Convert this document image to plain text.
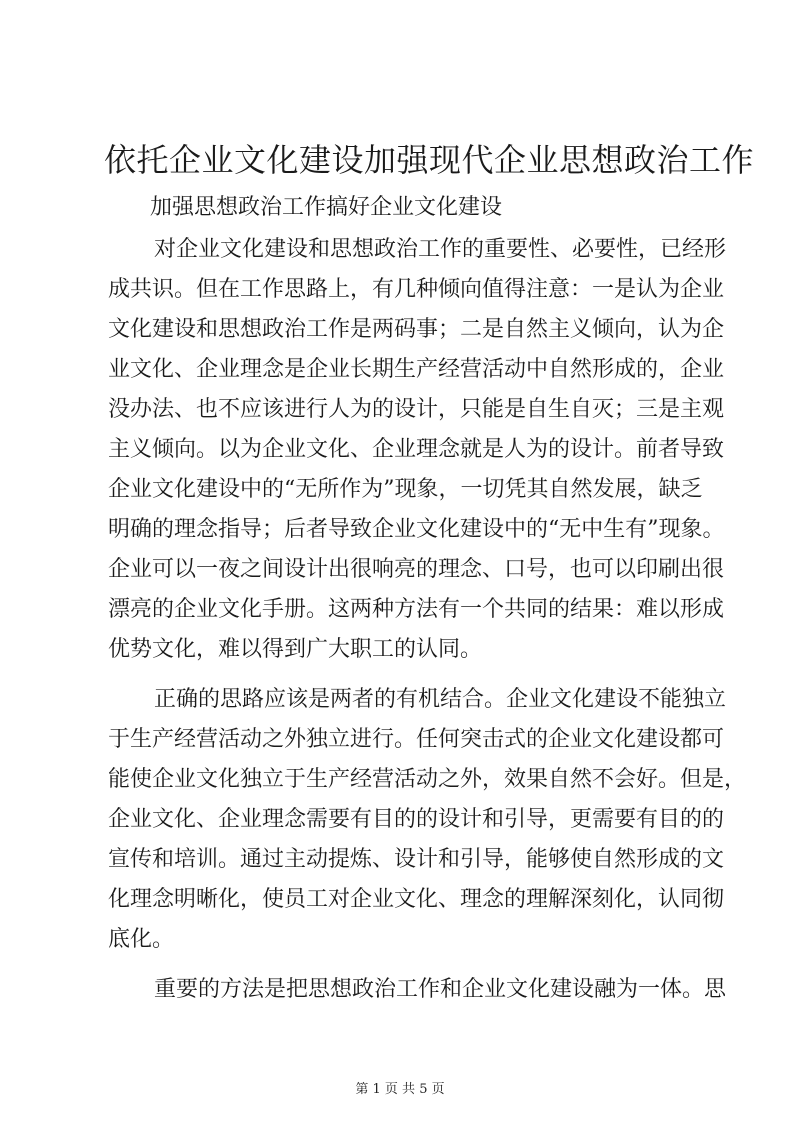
依托企业文化建设加强现代企业思想政治工作

加强思想政治工作搞好企业文化建设

对企业文化建设和思想政治工作的重要性、必要性，已经形

成共识。但在工作思路上，有几种倾向值得注意：一是认为企业

文化建设和思想政治工作是两码事；二是自然主义倾向，认为企

业文化、企业理念是企业长期生产经营活动中自然形成的，企业

没办法、也不应该进行人为的设计，只能是自生自灭；三是主观

主义倾向。以为企业文化、企业理念就是人为的设计。前者导致

企业文化建设中的“无所作为”现象，一切凭其自然发展，缺乏

明确的理念指导；后者导致企业文化建设中的“无中生有”现象。

企业可以一夜之间设计出很响亮的理念、口号，也可以印刷出很

漂亮的企业文化手册。这两种方法有一个共同的结果：难以形成

优势文化，难以得到广大职工的认同。

正确的思路应该是两者的有机结合。企业文化建设不能独立

于生产经营活动之外独立进行。任何突击式的企业文化建设都可

能使企业文化独立于生产经营活动之外，效果自然不会好。但是，

企业文化、企业理念需要有目的的设计和引导，更需要有目的的

宣传和培训。通过主动提炼、设计和引导，能够使自然形成的文

化理念明晰化，使员工对企业文化、理念的理解深刻化，认同彻

底化。

重要的方法是把思想政治工作和企业文化建设融为一体。思

第 1 页 共 5 页
